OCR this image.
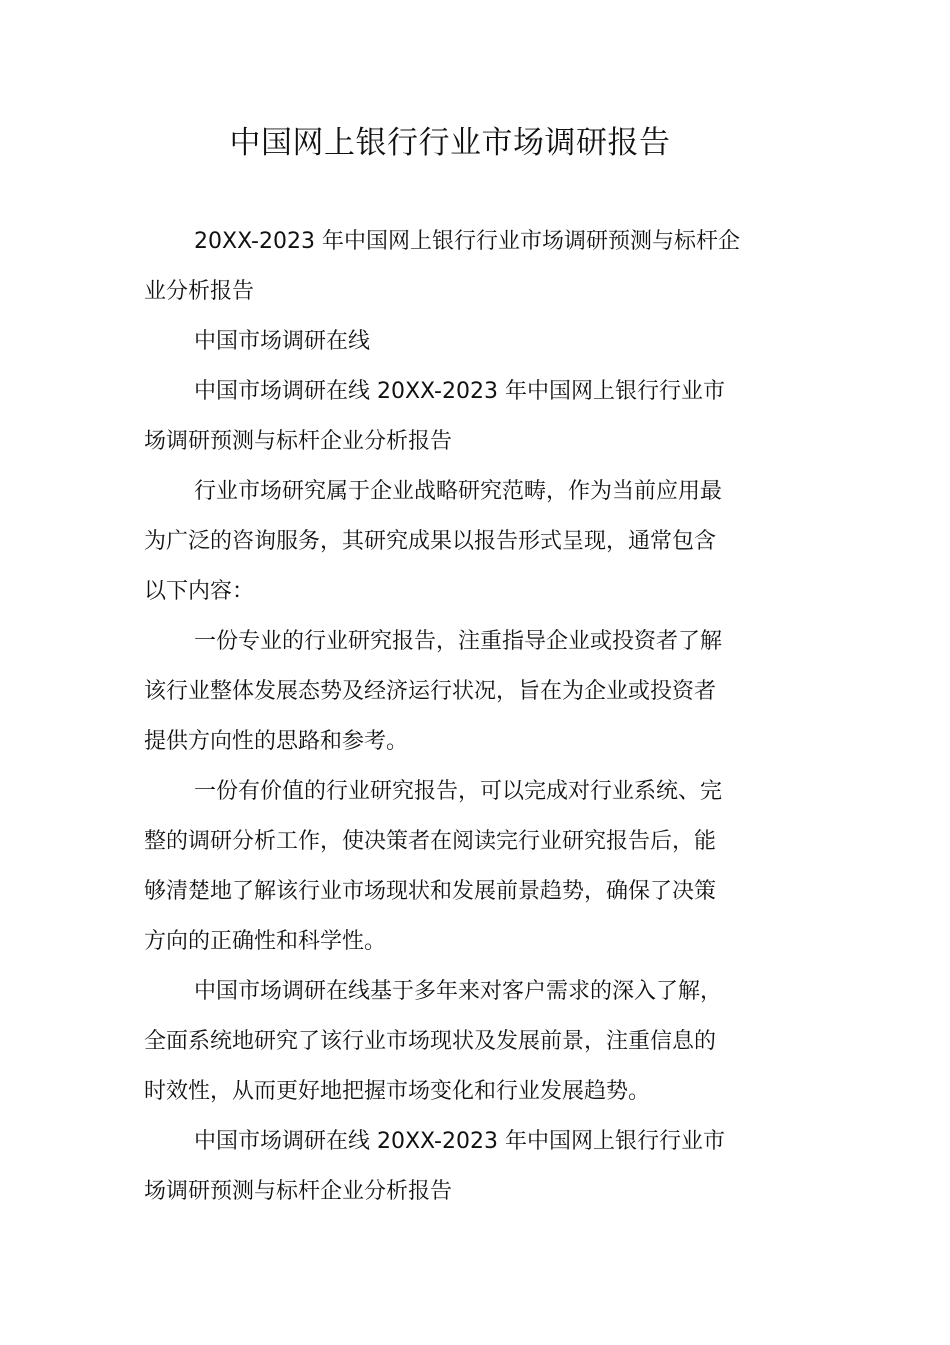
中国网上银行行业市场调研报告
20XX-2023 年中国网上银行行业市场调研预测与标杆企
业分析报告
中国市场调研在线
中国市场调研在线 20XX-2023 年中国网上银行行业市
场调研预测与标杆企业分析报告
行业市场研究属于企业战略研究范畴，作为当前应用最
为广泛的咨询服务，其研究成果以报告形式呈现，通常包含
以下内容：
一份专业的行业研究报告，注重指导企业或投资者了解
该行业整体发展态势及经济运行状况，旨在为企业或投资者
提供方向性的思路和参考。
一份有价值的行业研究报告，可以完成对行业系统、完
整的调研分析工作，使决策者在阅读完行业研究报告后，能
够清楚地了解该行业市场现状和发展前景趋势，确保了决策
方向的正确性和科学性。
中国市场调研在线基于多年来对客户需求的深入了解，
全面系统地研究了该行业市场现状及发展前景，注重信息的
时效性，从而更好地把握市场变化和行业发展趋势。
中国市场调研在线 20XX-2023 年中国网上银行行业市
场调研预测与标杆企业分析报告
